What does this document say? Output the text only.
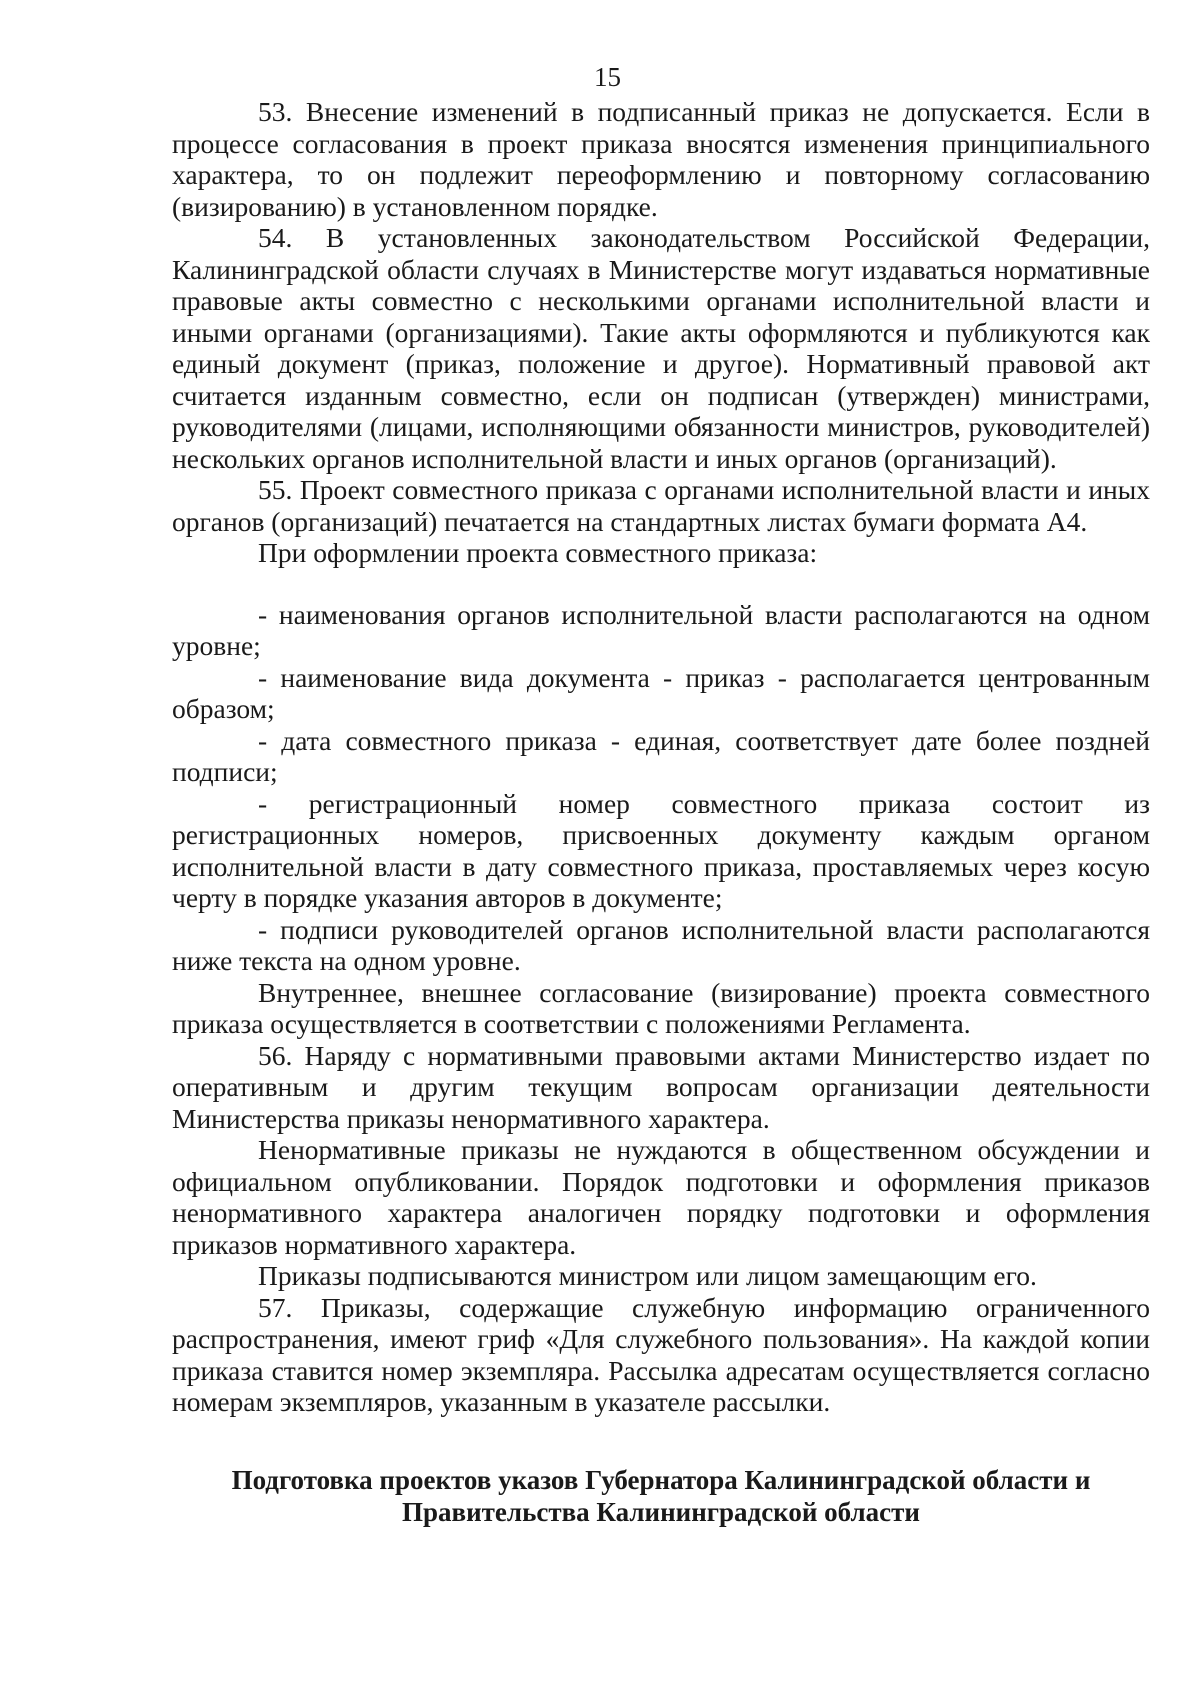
15

53. Внесение изменений в подписанный приказ не допускается. Если в процессе согласования в проект приказа вносятся изменения принципиального характера, то он подлежит переоформлению и повторному согласованию (визированию) в установленном порядке.

54. В установленных законодательством Российской Федерации, Калининградской области случаях в Министерстве могут издаваться нормативные правовые акты совместно с несколькими органами исполнительной власти и иными органами (организациями). Такие акты оформляются и публикуются как единый документ (приказ, положение и другое). Нормативный правовой акт считается изданным совместно, если он подписан (утвержден) министрами, руководителями (лицами, исполняющими обязанности министров, руководителей) нескольких органов исполнительной власти и иных органов (организаций).

55. Проект совместного приказа с органами исполнительной власти и иных органов (организаций) печатается на стандартных листах бумаги формата А4.

При оформлении проекта совместного приказа:

- наименования органов исполнительной власти располагаются на одном уровне;

- наименование вида документа - приказ - располагается центрованным образом;

- дата совместного приказа - единая, соответствует дате более поздней подписи;

- регистрационный номер совместного приказа состоит из регистрационных номеров, присвоенных документу каждым органом исполнительной власти в дату совместного приказа, проставляемых через косую черту в порядке указания авторов в документе;

- подписи руководителей органов исполнительной власти располагаются ниже текста на одном уровне.

Внутреннее, внешнее согласование (визирование) проекта совместного приказа осуществляется в соответствии с положениями Регламента.

56. Наряду с нормативными правовыми актами Министерство издает по оперативным и другим текущим вопросам организации деятельности Министерства приказы ненормативного характера.

Ненормативные приказы не нуждаются в общественном обсуждении и официальном опубликовании. Порядок подготовки и оформления приказов ненормативного характера аналогичен порядку подготовки и оформления приказов нормативного характера.

Приказы подписываются министром или лицом замещающим его.

57. Приказы, содержащие служебную информацию ограниченного распространения, имеют гриф «Для служебного пользования». На каждой копии приказа ставится номер экземпляра. Рассылка адресатам осуществляется согласно номерам экземпляров, указанным в указателе рассылки.

Подготовка проектов указов Губернатора Калининградской области и

Правительства Калининградской области
